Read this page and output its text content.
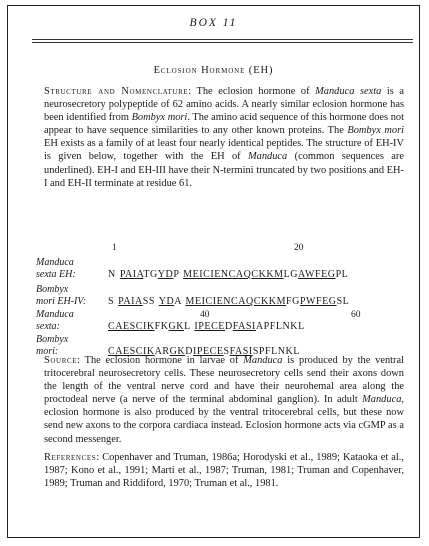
BOX 11
Eclosion Hormone (EH)

Structure and Nomenclature: The eclosion hormone of Manduca sexta is a neurosecretory polypeptide of 62 amino acids. A nearly similar eclosion hormone has been identified from Bombyx mori. The amino acid sequence of this hormone does not appear to have sequence similarities to any other known proteins. The Bombyx mori EH exists as a family of at least four nearly identical peptides. The structure of EH-IV is given below, together with the EH of Manduca (common sequences are underlined). EH-I and EH-III have their N-termini truncated by two positions and EH-I and EH-II terminate at residue 61.

1	20
Manduca
sexta EH:	N PAIATGYDP MEICIENCAQCKKMLGAWFEGPL
Bombyx
mori EH-IV: S PAIASS YDA MEICIENCAQCKKMFGPWFEGSL
40	60
Manduca
sexta:	CAESCIKFKGKL IPECEDFASIAPFLNKL
Bombyx
mori:	CAESCIKARGKDIPECESFASISPFLNKL

Source: The eclosion hormone in larvae of Manduca is produced by the ventral tritocerebral neurosecretory cells. These neurosecretory cells send their axons down the length of the ventral nerve cord and have their neurohemal area along the proctodeal nerve (a nerve of the terminal abdominal ganglion). In adult Manduca, eclosion hormone is also produced by the ventral tritocerebral cells, but these now send new axons to the corpora cardiaca instead. Eclosion hormone acts via cGMP as a second messenger.

References: Copenhaver and Truman, 1986a; Horodyski et al., 1989; Kataoka et al., 1987; Kono et al., 1991; Marti et al., 1987; Truman, 1981; Truman and Copenhaver, 1989; Truman and Riddiford, 1970; Truman et al., 1981.
